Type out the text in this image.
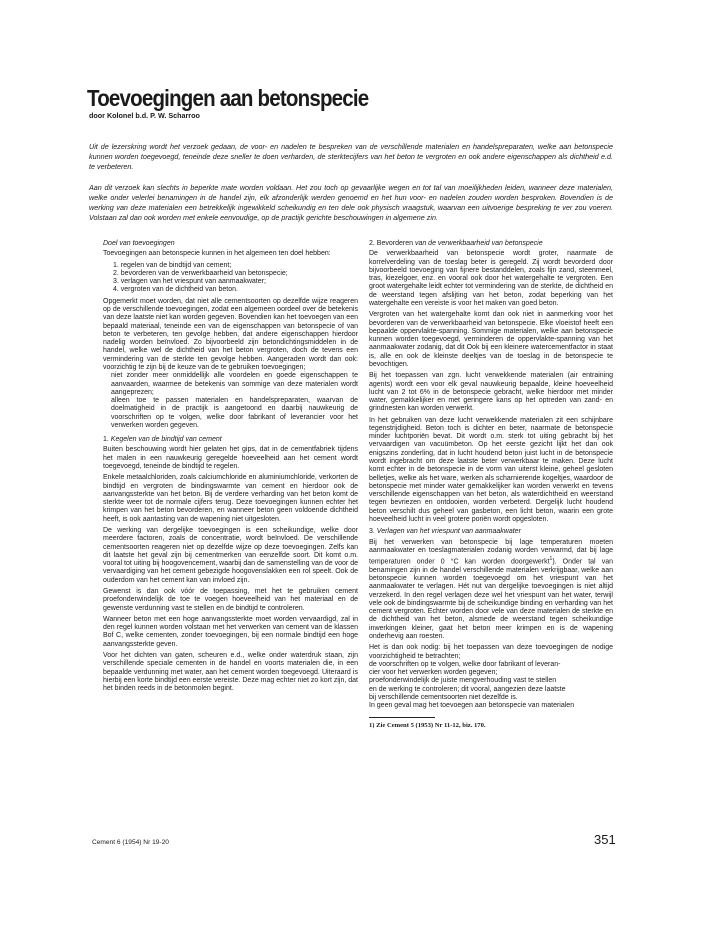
Toevoegingen aan betonspecie
door Kolonel b.d. P. W. Scharroo

Uit de lezerskring wordt het verzoek gedaan, de voor- en nadelen te bespreken van de verschillende materialen en handelspreparaten, welke aan betonspecie kunnen worden toegevoegd, teneinde deze sneller te doen verharden, de sterktecijfers van het beton te vergroten en ook andere eigenschappen als dichtheid e.d. te verbeteren.

Aan dit verzoek kan slechts in beperkte mate worden voldaan. Het zou toch op gevaarlijke wegen en tot tal van moeilijkheden leiden, wanneer deze materialen, welke onder velerlei benamingen in de handel zijn, elk afzonderlijk werden genoemd en het hun voor- en nadelen zouden worden besproken. Bovendien is de werking van deze materialen een betrekkelijk ingewikkeld scheikundig en ten dele ook physisch vraagstuk, waarvan een uitvoerige bespreking te ver zou voeren. Volstaan zal dan ook worden met enkele eenvoudige, op de practijk gerichte beschouwingen in algemene zin.

Doel van toevoegingen

Toevoegingen aan betonspecie kunnen in het algemeen ten doel hebben:

1. regelen van de bindtijd van cement;
2. bevorderen van de verwerkbaarheid van betonspecie;
3. verlagen van het vriespunt van aanmaakwater;
4. vergroten van de dichtheid van beton.

Opgemerkt moet worden, dat niet alle cementsoorten op dezelfde wijze reageren op de verschillende toevoegingen, zodat een algemeen oordeel over de betekenis van deze laatste niet kan worden gegeven. Bovendien kan het toevoegen van een bepaald materiaal, teneinde een van de eigenschappen van betonspecie of van beton te verbeteren, ten gevolge hebben, dat andere eigenschappen hierdoor nadelig worden beïnvloed. Zo bijvoorbeeld zijn betondichtingsmiddelen in de handel, welke wel de dichtheid van het beton vergroten, doch de tevens een vermindering van de sterkte ten gevolge hebben. Aangeraden wordt dan ook: voorzichtig te zijn bij de keuze van de te gebruiken toevoegingen;

niet zonder meer onmiddellijk alle voordelen en goede eigenschappen te aanvaarden, waarmee de betekenis van sommige van deze materialen wordt aangeprezen;
alleen toe te passen materialen en handelspreparaten, waarvan de doelmatigheid in de practijk is aangetoond en daarbij nauwkeurig de voorschriften op te volgen, welke door fabrikant of leverancier voor het verwerken worden gegeven.

1. Kegelen van de bindtijd van cement

Buiten beschouwing wordt hier gelaten het gips, dat in de cementfabriek tijdens het malen in een nauwkeurig geregelde hoeveelheid aan het cement wordt toegevoegd, teneinde de bindtijd te regelen.

Enkele metaalchloriden, zoals calciumchloride en aluminiumchloride, verkorten de bindtijd en vergroten de bindingswarmte van cement en hierdoor ook de aanvangssterkte van het beton. Bij de verdere verharding van het beton komt de sterkte weer tot de normale cijfers terug. Deze toevoegingen kunnen echter het krimpen van het beton bevorderen, en wanneer beton geen voldoende dichtheid heeft, is ook aantasting van de wapening niet uitgesloten.

De werking van dergelijke toevoegingen is een scheikundige, welke door meerdere factoren, zoals de concentratie, wordt beïnvloed. De verschillende cementsoorten reageren niet op dezelfde wijze op deze toevoegingen. Zelfs kan dit laatste het geval zijn bij cementmerken van eenzelfde soort. Dit komt o.m. vooral tot uiting bij hoogovencement, waarbij dan de samenstelling van de voor de vervaardiging van het cement gebezigde hoogovenslakken een rol speelt. Ook de ouderdom van het cement kan van invloed zijn.

Gewenst is dan ook vóór de toepassing, met het te gebruiken cement proefonderwindelijk de toe te voegen hoeveelheid van het materiaal en de gewenste verdunning vast te stellen en de bindtijd te controleren.

Wanneer beton met een hoge aanvangssterkte moet worden vervaardigd, zal in den regel kunnen worden volstaan met het verwerken van cement van de klassen Bof C, welke cementen, zonder toevoegingen, bij een normale bindtijd een hoge aanvangssterkte geven.

Voor het dichten van gaten, scheuren e.d., welke onder waterdruk staan, zijn verschillende speciale cementen in de handel en voorts materialen die, in een bepaalde verdunning met water, aan het cement worden toegevoegd. Uiteraard is hierbij een korte bindtijd een eerste vereiste. Deze mag echter niet zo kort zijn, dat het binden reeds in de betonmolen begint.

2. Bevorderen van de verwerkbaarheid van betonspecie

De verwerkbaarheid van betonspecie wordt groter, naarmate de korrelverdeling van de toeslag beter is geregeld. Zij wordt bevorderd door bijvoorbeeld toevoeging van fijnere bestanddelen, zoals fijn zand, steenmeel, tras, kiezelgoer, enz. en vooral ook door het watergehalte te vergroten. Een groot watergehalte leidt echter tot vermindering van de sterkte, de dichtheid en de weerstand tegen afslijting van het beton, zodat beperking van het watergehalte een vereiste is voor het maken van goed beton.

Vergroten van het watergehalte komt dan ook niet in aanmerking voor het bevorderen van de verwerkbaarheid van betonspecie. Elke vloeistof heeft een bepaalde oppervlakte-spanning. Sommige materialen, welke aan betonspecie kunnen worden toegevoegd, verminderen de oppervlakte-spanning van het aanmaakwater zodanig, dat dit Ook bij een kleinere watercementfactor in staat is, alle en ook de kleinste deeltjes van de toeslag in de betonspecie te bevochtigen.

Bij het toepassen van zgn. lucht verwekkende materialen (air entraining agents) wordt een voor elk geval nauwkeurig bepaalde, kleine hoeveelheid lucht van 2 tot 6% in de betonspecie gebracht, welke hierdoor met minder water, gemakkelijker en met geringere kans op het optreden van zand- en grindnesten kan worden verwerkt.

In het gebruiken van deze lucht verwekkende materialen zit een schijnbare tegenstrijdigheid. Beton toch is dichter en beter, naarmate de betonspecie minder luchtporiën bevat. Dit wordt o.m. sterk tot uiting gebracht bij het vervaardigen van vacuümbeton. Op het eerste gezicht lijkt het dan ook enigszins zonderling, dat in lucht houdend beton juist lucht in de betonspecie wordt ingebracht om deze laatste beter verwerkbaar te maken. Deze lucht komt echter in de betonspecie in de vorm van uiterst kleine, geheel gesloten belletjes, welke als het ware, werken als scharnierende kogeltjes, waardoor de betonspecie met minder water gemakkelijker kan worden verwerkt en tevens verschillende eigenschappen van het beton, als waterdichtheid en weerstand tegen bevriezen en ontdooien, worden verbeterd. Dergelijk lucht houdend beton verschilt dus geheel van gasbeton, een licht beton, waarin een grote hoeveelheid lucht in veel grotere poriën wordt opgesloten.

3. Verlagen van het vriespunt van aanmaakwater

Bij het verwerken van betonspecie bij lage temperaturen moeten aanmaakwater en toeslagmaterialen zodanig worden verwarmd, dat bij lage temperaturen onder 0 °C kan worden doorgewerkt$^1$). Onder tal van benamingen zijn in de handel verschillende materialen verkrijgbaar, welke aan betonspecie kunnen worden toegevoegd om het vriespunt van het aanmaakwater te verlagen. Hét nut van dergelijke toevoegingen is niet altijd verzekerd. In den regel verlagen deze wel het vriespunt van het water, terwijl vele ook de bindingswarmte bij de scheikundige binding en verharding van het cement vergroten. Echter worden door vele van deze materialen de sterkte en de dichtheid van het beton, alsmede de weerstand tegen scheikundige inwerkingen kleiner, gaat het beton meer krimpen en is de wapening onderhevig aan roesten.

Het is dan ook nodig: bij het toepassen van deze toevoegingen de nodige voorzichtigheid te betrachten;

de voorschriften op te volgen, welke door fabrikant of leveran-
cier voor het verwerken worden gegeven;
proefonderwindelijk de juiste mengverhouding vast te stellen
en de werking te controleren; dit vooral, aangezien deze laatste
bij verschillende cementsoorten niet dezelfde is.
In geen geval mag het toevoegen aan betonspecie van materialen
1) Zie Cement 5 (1953) Nr 11-12, biz. 170.
Cement 6 (1954) Nr 19-20	351
